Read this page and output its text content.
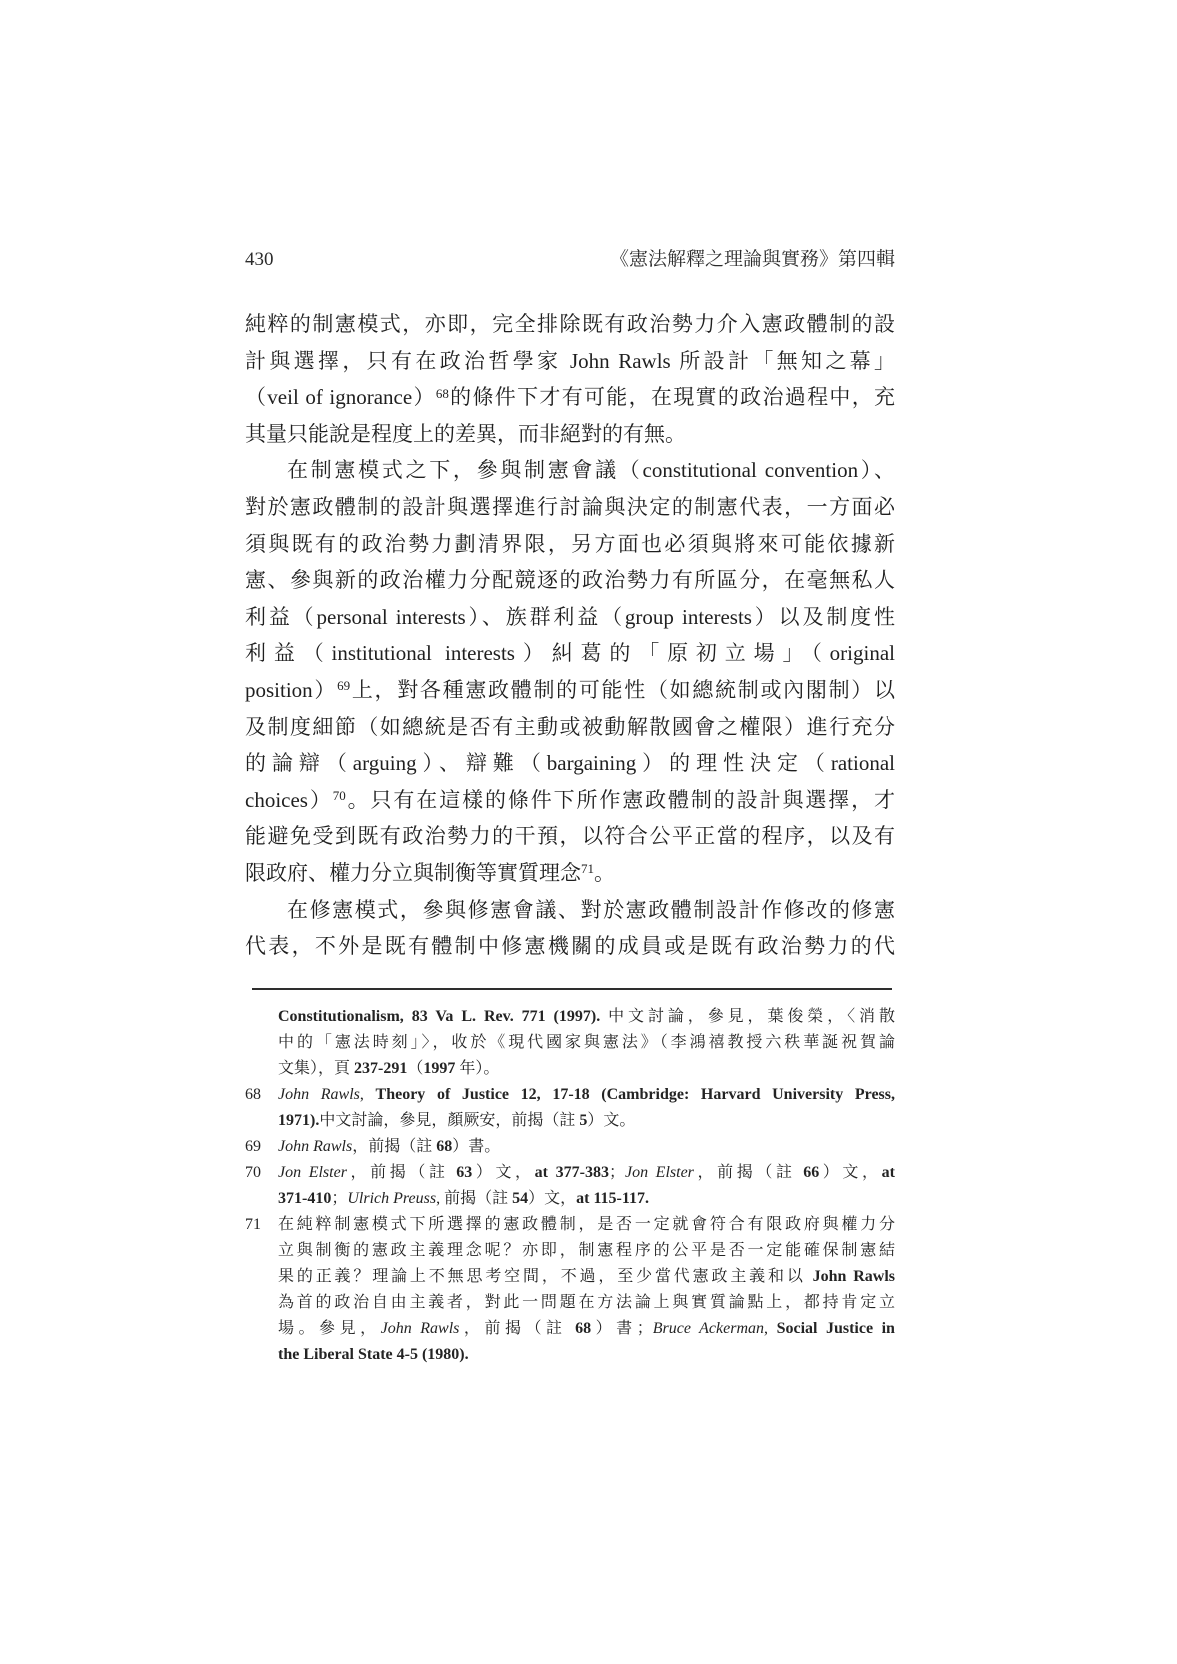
430	《憲法解釋之理論與實務》第四輯
純粹的制憲模式，亦即，完全排除既有政治勢力介入憲政體制的設
計與選擇，只有在政治哲學家 John Rawls 所設計「無知之幕」
（veil of ignorance）$^{68}$的條件下才有可能，在現實的政治過程中，充
其量只能說是程度上的差異，而非絕對的有無。
在制憲模式之下，參與制憲會議（constitutional convention）、
對於憲政體制的設計與選擇進行討論與決定的制憲代表，一方面必
須與既有的政治勢力劃清界限，另方面也必須與將來可能依據新
憲、參與新的政治權力分配競逐的政治勢力有所區分，在毫無私人
利益（personal interests）、族群利益（group interests）以及制度性
利益（institutional interests）糾葛的「原初立場」（original
position）$^{69}$上，對各種憲政體制的可能性（如總統制或內閣制）以
及制度細節（如總統是否有主動或被動解散國會之權限）進行充分
的論辯（arguing）、辯難（bargaining）的理性決定（rational
choices）$^{70}$。只有在這樣的條件下所作憲政體制的設計與選擇，才
能避免受到既有政治勢力的干預，以符合公平正當的程序，以及有
限政府、權力分立與制衡等實質理念$^{71}$。
在修憲模式，參與修憲會議、對於憲政體制設計作修改的修憲
代表，不外是既有體制中修憲機關的成員或是既有政治勢力的代
Constitutionalism, 83 Va L. Rev. 771 (1997). 中文討論，參見，葉俊榮，〈消散
中的「憲法時刻」〉，收於《現代國家與憲法》（李鴻禧教授六秩華誕祝賀論
文集），頁 237-291（1997 年）。
68 John Rawls, Theory of Justice 12, 17-18 (Cambridge: Harvard University Press,
1971).中文討論，參見，顏厥安，前揭（註 5）文。
69 John Rawls，前揭（註 68）書。
70 Jon Elster，前揭（註 63）文，at 377-383；Jon Elster，前揭（註 66）文，at
371-410；Ulrich Preuss, 前揭（註 54）文，at 115-117.
71 在純粹制憲模式下所選擇的憲政體制，是否一定就會符合有限政府與權力分
立與制衡的憲政主義理念呢？亦即，制憲程序的公平是否一定能確保制憲結
果的正義？理論上不無思考空間，不過，至少當代憲政主義和以 John Rawls
為首的政治自由主義者，對此一問題在方法論上與實質論點上，都持肯定立
場。參見，John Rawls，前揭（註 68）書；Bruce Ackerman, Social Justice in
the Liberal State 4-5 (1980).
